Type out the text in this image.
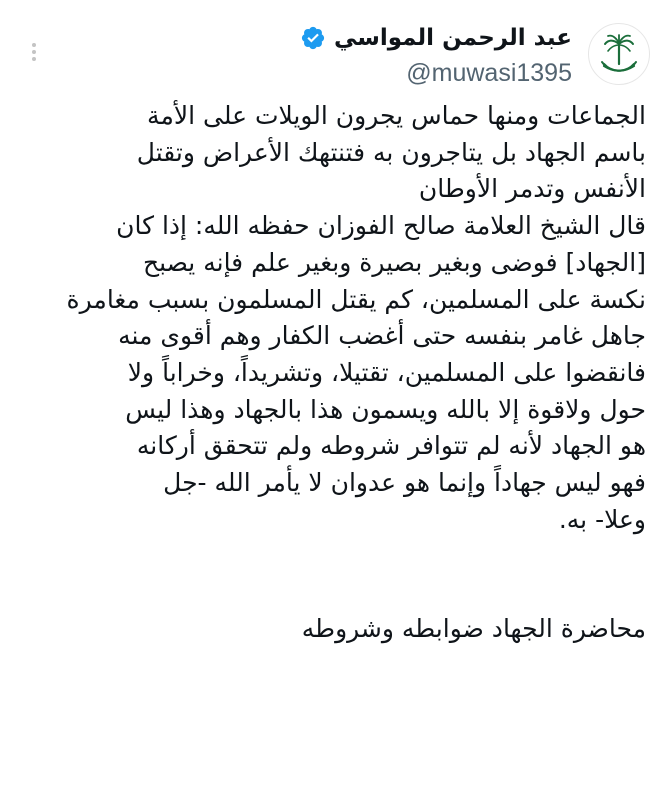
عبد الرحمن المواسي
@muwasi1395
الجماعات ومنها حماس يجرون الويلات على الأمة
باسم الجهاد بل يتاجرون به فتنتهك الأعراض وتقتل
الأنفس وتدمر الأوطان
قال الشيخ العلامة صالح الفوزان حفظه الله: إذا كان
[الجهاد] فوضى وبغير بصيرة وبغير علم فإنه يصبح
نكسة على المسلمين، كم يقتل المسلمون بسبب مغامرة
جاهل غامر بنفسه حتى أغضب الكفار وهم أقوى منه
فانقضوا على المسلمين، تقتيلا، وتشريداً، وخراباً ولا
حول ولاقوة إلا بالله ويسمون هذا بالجهاد وهذا ليس
هو الجهاد لأنه لم تتوافر شروطه ولم تتحقق أركانه
فهو ليس جهاداً وإنما هو عدوان لا يأمر الله -جل
وعلا- به.
محاضرة الجهاد ضوابطه وشروطه
